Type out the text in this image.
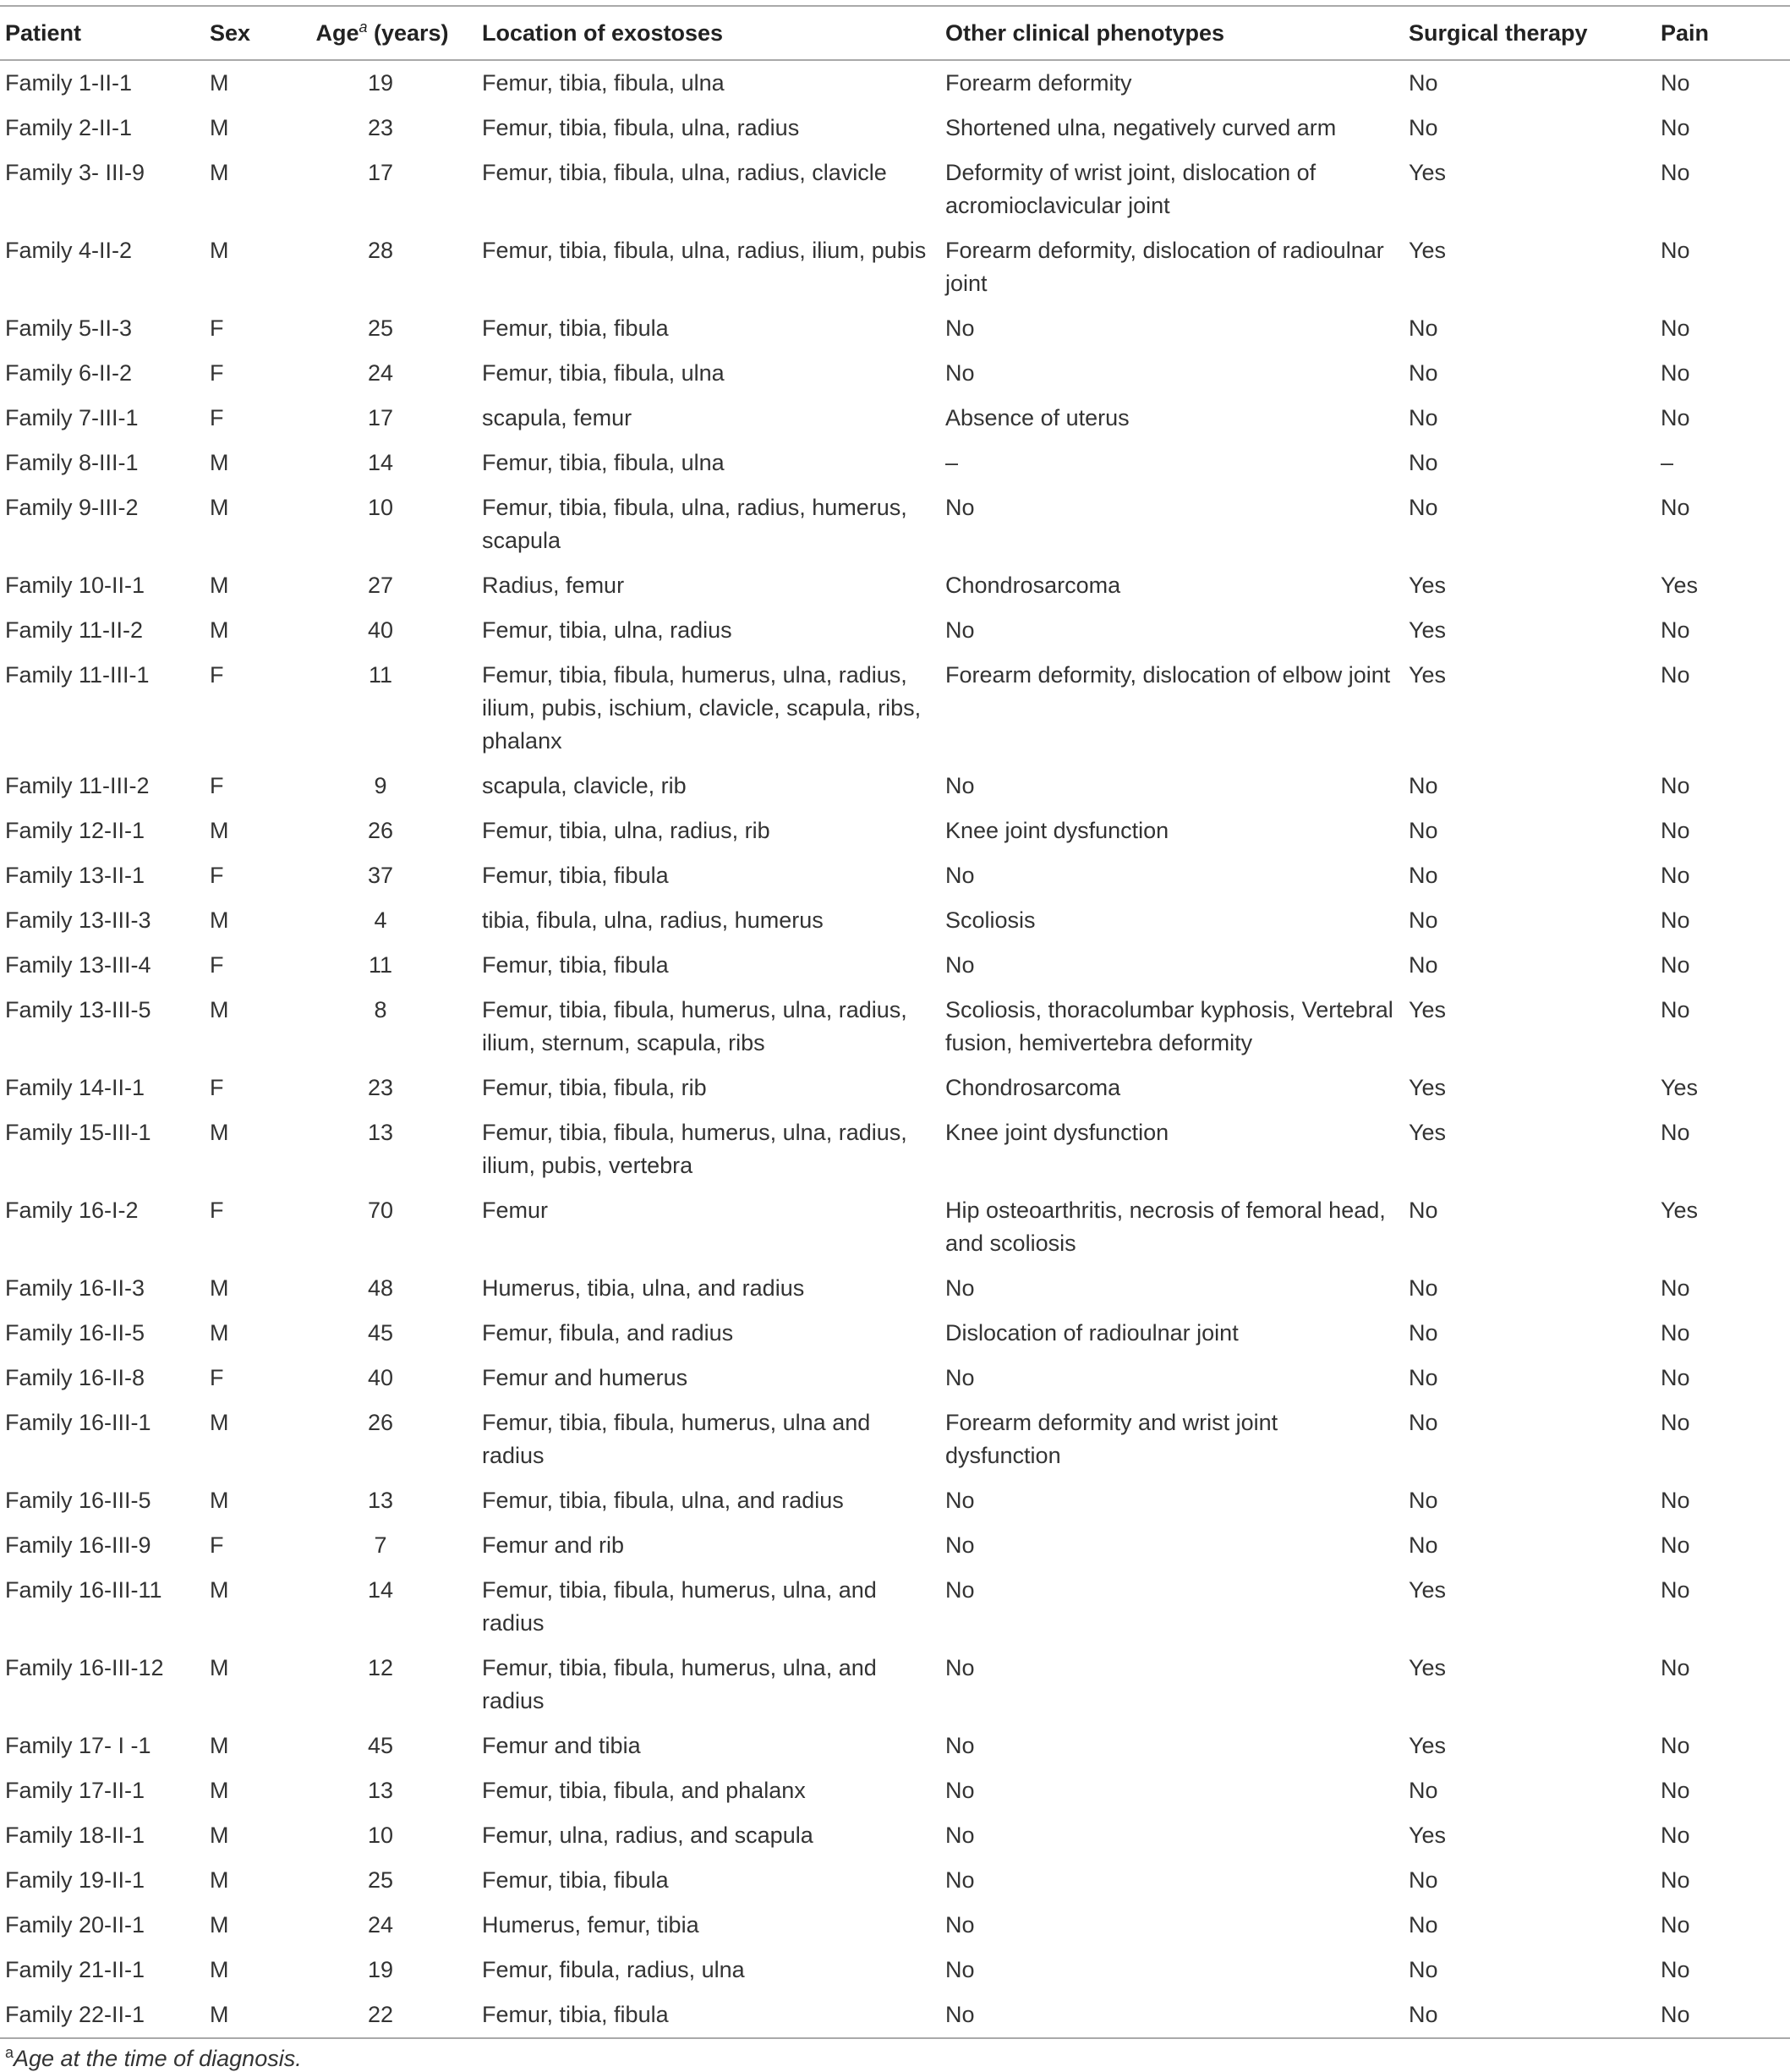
Patient	Sex	Age$^a$ (years)	Location of exostoses	Other clinical phenotypes	Surgical therapy	Pain
Family 1-II-1	M	19	Femur, tibia, fibula, ulna	Forearm deformity	No	No
Family 2-II-1	M	23	Femur, tibia, fibula, ulna, radius	Shortened ulna, negatively curved arm	No	No
Family 3- III-9	M	17	Femur, tibia, fibula, ulna, radius, clavicle	Deformity of wrist joint, dislocation of acromioclavicular joint	Yes	No
Family 4-II-2	M	28	Femur, tibia, fibula, ulna, radius, ilium, pubis	Forearm deformity, dislocation of radioulnar joint	Yes	No
Family 5-II-3	F	25	Femur, tibia, fibula	No	No	No
Family 6-II-2	F	24	Femur, tibia, fibula, ulna	No	No	No
Family 7-III-1	F	17	scapula, femur	Absence of uterus	No	No
Family 8-III-1	M	14	Femur, tibia, fibula, ulna	–	No	–
Family 9-III-2	M	10	Femur, tibia, fibula, ulna, radius, humerus, scapula	No	No	No
Family 10-II-1	M	27	Radius, femur	Chondrosarcoma	Yes	Yes
Family 11-II-2	M	40	Femur, tibia, ulna, radius	No	Yes	No
Family 11-III-1	F	11	Femur, tibia, fibula, humerus, ulna, radius, ilium, pubis, ischium, clavicle, scapula, ribs, phalanx	Forearm deformity, dislocation of elbow joint	Yes	No
Family 11-III-2	F	9	scapula, clavicle, rib	No	No	No
Family 12-II-1	M	26	Femur, tibia, ulna, radius, rib	Knee joint dysfunction	No	No
Family 13-II-1	F	37	Femur, tibia, fibula	No	No	No
Family 13-III-3	M	4	tibia, fibula, ulna, radius, humerus	Scoliosis	No	No
Family 13-III-4	F	11	Femur, tibia, fibula	No	No	No
Family 13-III-5	M	8	Femur, tibia, fibula, humerus, ulna, radius, ilium, sternum, scapula, ribs	Scoliosis, thoracolumbar kyphosis, Vertebral fusion, hemivertebra deformity	Yes	No
Family 14-II-1	F	23	Femur, tibia, fibula, rib	Chondrosarcoma	Yes	Yes
Family 15-III-1	M	13	Femur, tibia, fibula, humerus, ulna, radius, ilium, pubis, vertebra	Knee joint dysfunction	Yes	No
Family 16-I-2	F	70	Femur	Hip osteoarthritis, necrosis of femoral head, and scoliosis	No	Yes
Family 16-II-3	M	48	Humerus, tibia, ulna, and radius	No	No	No
Family 16-II-5	M	45	Femur, fibula, and radius	Dislocation of radioulnar joint	No	No
Family 16-II-8	F	40	Femur and humerus	No	No	No
Family 16-III-1	M	26	Femur, tibia, fibula, humerus, ulna and radius	Forearm deformity and wrist joint dysfunction	No	No
Family 16-III-5	M	13	Femur, tibia, fibula, ulna, and radius	No	No	No
Family 16-III-9	F	7	Femur and rib	No	No	No
Family 16-III-11	M	14	Femur, tibia, fibula, humerus, ulna, and radius	No	Yes	No
Family 16-III-12	M	12	Femur, tibia, fibula, humerus, ulna, and radius	No	Yes	No
Family 17- I -1	M	45	Femur and tibia	No	Yes	No
Family 17-II-1	M	13	Femur, tibia, fibula, and phalanx	No	No	No
Family 18-II-1	M	10	Femur, ulna, radius, and scapula	No	Yes	No
Family 19-II-1	M	25	Femur, tibia, fibula	No	No	No
Family 20-II-1	M	24	Humerus, femur, tibia	No	No	No
Family 21-II-1	M	19	Femur, fibula, radius, ulna	No	No	No
Family 22-II-1	M	22	Femur, tibia, fibula	No	No	No
$^a$Age at the time of diagnosis.
